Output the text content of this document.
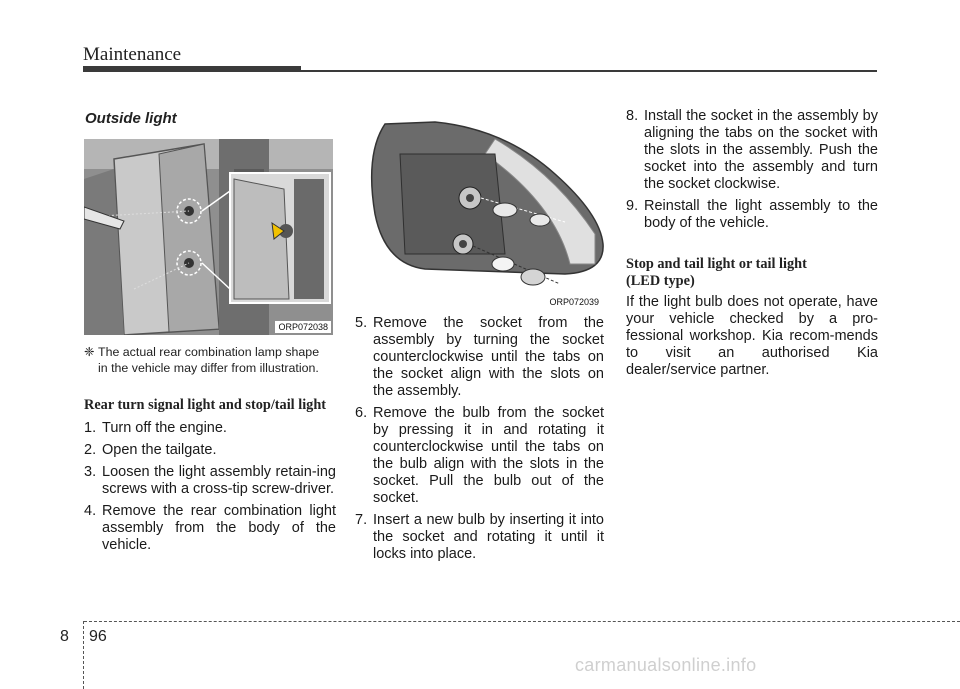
Maintenance
Outside light
ORP072038
ORP072039
❈ The actual rear combination lamp shape
in the vehicle may differ from illustration.
Rear turn signal light and stop/tail light
1. Turn off the engine.
2. Open the tailgate.
3. Loosen the light assembly retain-ing screws with a cross-tip screw-driver.
4. Remove the rear combination light assembly from the body of the vehicle.
5. Remove the socket from the assembly by turning the socket counterclockwise until the tabs on the socket align with the slots on the assembly.
6. Remove the bulb from the socket by pressing it in and rotating it counterclockwise until the tabs on the bulb align with the slots in the socket. Pull the bulb out of the socket.
7. Insert a new bulb by inserting it into the socket and rotating it until it locks into place.
8. Install the socket in the assembly by aligning the tabs on the socket with the slots in the assembly. Push the socket into the assembly and turn the socket clockwise.
9. Reinstall the light assembly to the body of the vehicle.
Stop and tail light or tail light
(LED type)
If the light bulb does not operate, have your vehicle checked by a pro-fessional workshop. Kia recom-mends to visit an authorised Kia dealer/service partner.
8 96
carmanualsonline.info
